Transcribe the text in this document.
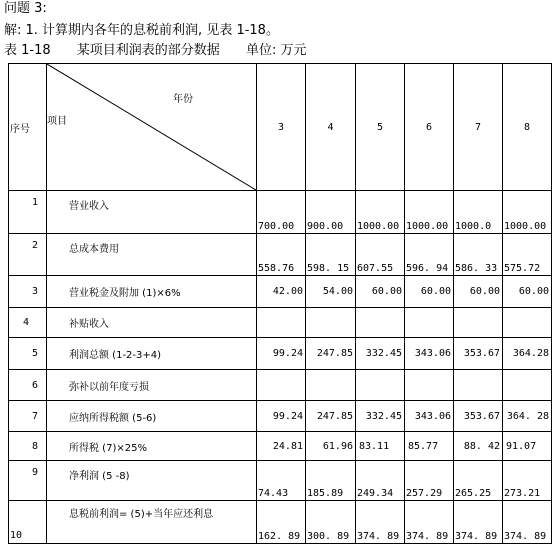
问题 3:
解: 1. 计算期内各年的息税前利润, 见表 1-18。
表 1-18 某项目利润表的部分数据 单位: 万元
序号	年份
项目	3	4	5	6	7	8
1	营业收入	700.00	900.00	1000.00	1000.00	1000.0	1000.00
2	总成本费用	558.76	598. 15	607.55	596. 94	586. 33	575.72
3	营业税金及附加 (1)×6%	42.00	54.00	60.00	60.00	60.00	60.00
4	补贴收入						
5	利润总额 (1-2-3+4)	99.24	247.85	332.45	343.06	353.67	364.28
6	弥补以前年度亏损						
7	应纳所得税额 (5-6)	99.24	247.85	332.45	343.06	353.67	364. 28
8	所得税 (7)×25%	24.81	61.96	83.11	85.77	88. 42	91.07
9	净利润 (5 -8)	74.43	185.89	249.34	257.29	265.25	273.21
10	息税前利润= (5)+当年应还利息	162. 89	300. 89	374. 89	374. 89	374. 89	374. 89
